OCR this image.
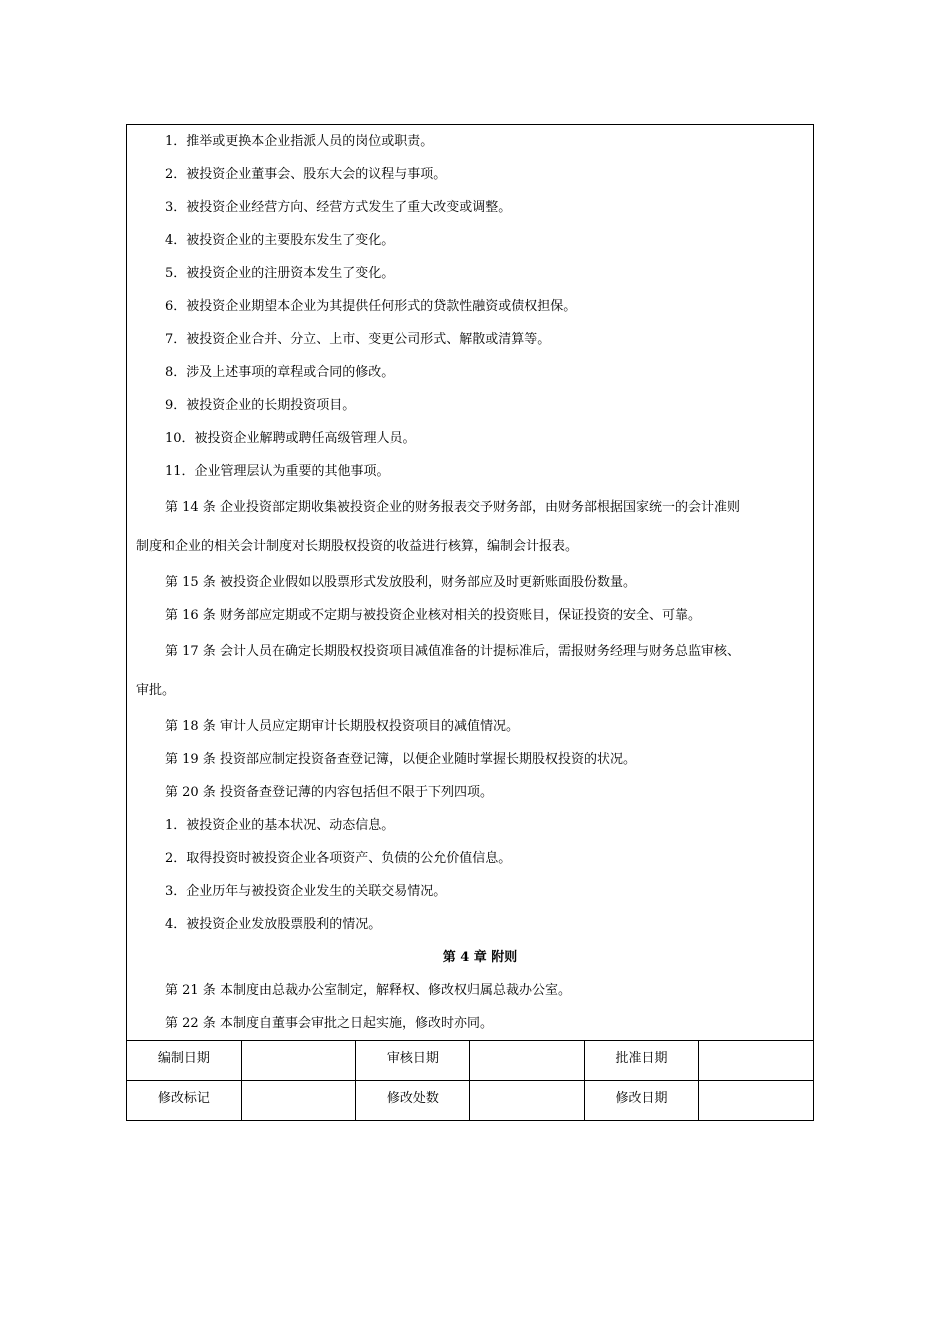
1．推举或更换本企业指派人员的岗位或职责。
2．被投资企业董事会、股东大会的议程与事项。
3．被投资企业经营方向、经营方式发生了重大改变或调整。
4．被投资企业的主要股东发生了变化。
5．被投资企业的注册资本发生了变化。
6．被投资企业期望本企业为其提供任何形式的贷款性融资或债权担保。
7．被投资企业合并、分立、上市、变更公司形式、解散或清算等。
8．涉及上述事项的章程或合同的修改。
9．被投资企业的长期投资项目。
10．被投资企业解聘或聘任高级管理人员。
11．企业管理层认为重要的其他事项。
第 14 条 企业投资部定期收集被投资企业的财务报表交予财务部，由财务部根据国家统一的会计准则
制度和企业的相关会计制度对长期股权投资的收益进行核算，编制会计报表。
第 15 条 被投资企业假如以股票形式发放股利，财务部应及时更新账面股份数量。
第 16 条 财务部应定期或不定期与被投资企业核对相关的投资账目，保证投资的安全、可靠。
第 17 条 会计人员在确定长期股权投资项目减值准备的计提标准后，需报财务经理与财务总监审核、
审批。
第 18 条 审计人员应定期审计长期股权投资项目的减值情况。
第 19 条 投资部应制定投资备查登记簿，以便企业随时掌握长期股权投资的状况。
第 20 条 投资备查登记薄的内容包括但不限于下列四项。
1．被投资企业的基本状况、动态信息。
2．取得投资时被投资企业各项资产、负债的公允价值信息。
3．企业历年与被投资企业发生的关联交易情况。
4．被投资企业发放股票股利的情况。
第 4 章 附则
第 21 条 本制度由总裁办公室制定，解释权、修改权归属总裁办公室。
第 22 条 本制度自董事会审批之日起实施，修改时亦同。
编制日期		审核日期		批准日期	
修改标记		修改处数		修改日期	
